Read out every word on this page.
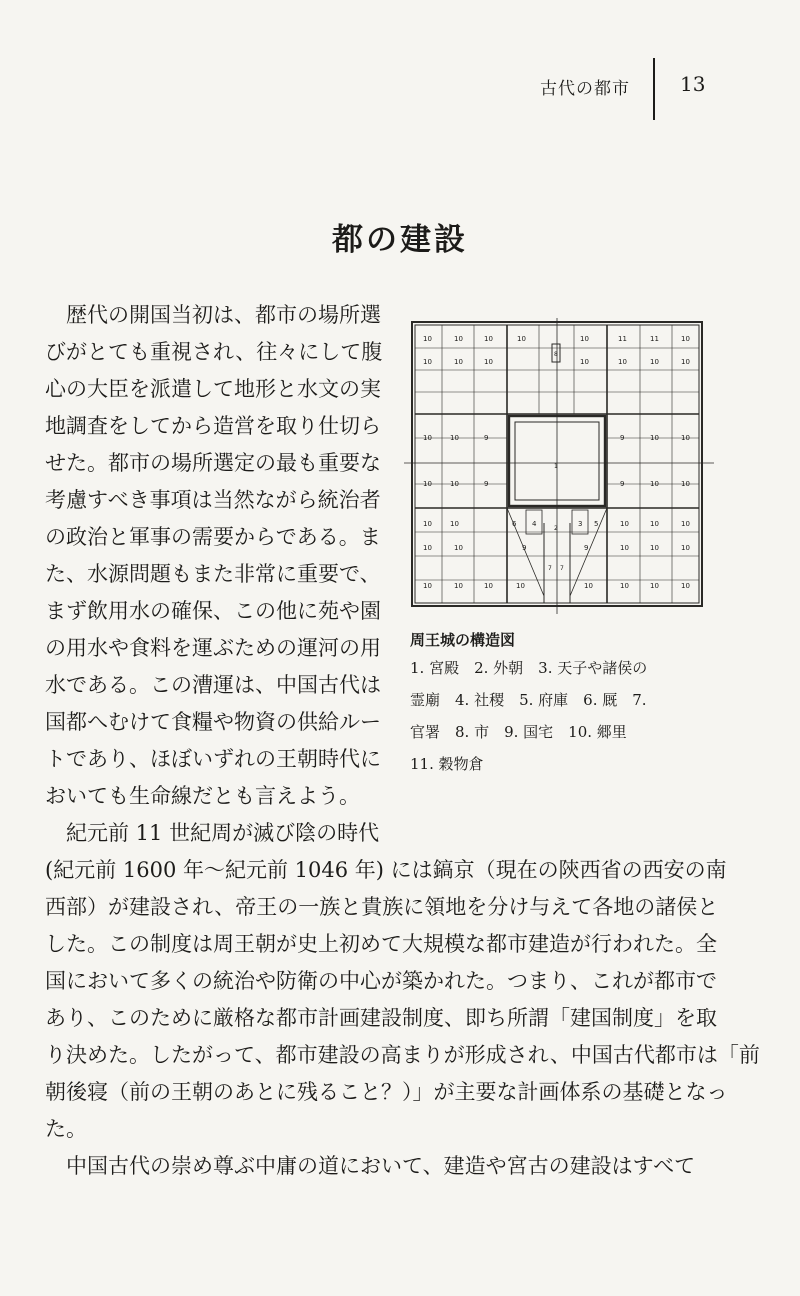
古代の都市	13
都の建設
歴代の開国当初は、都市の場所選
びがとても重視され、往々にして腹
心の大臣を派遣して地形と水文の実
地調査をしてから造営を取り仕切ら
せた。都市の場所選定の最も重要な
考慮すべき事項は当然ながら統治者
の政治と軍事の需要からである。ま
た、水源問題もまた非常に重要で、
まず飲用水の確保、この他に苑や園
の用水や食料を運ぶための運河の用
水である。この漕運は、中国古代は
国都へむけて食糧や物資の供給ルー
トであり、ほぼいずれの王朝時代に
おいても生命線だとも言えよう。
紀元前 11 世紀周が滅び陰の時代
(紀元前 1600 年〜紀元前 1046 年) には鎬京（現在の陝西省の西安の南
西部）が建設され、帝王の一族と貴族に領地を分け与えて各地の諸侯と
した。この制度は周王朝が史上初めて大規模な都市建造が行われた。全
国において多くの統治や防衛の中心が築かれた。つまり、これが都市で
あり、このために厳格な都市計画建設制度、即ち所謂「建国制度」を取
り決めた。したがって、都市建設の高まりが形成され、中国古代都市は「前
朝後寝（前の王朝のあとに残ること？）」が主要な計画体系の基礎となっ
た。
中国古代の崇め尊ぶ中庸の道において、建造や宮古の建設はすべて
10	10	10	10	10	11	11	10
10	10	10	10	10	10	10
10	10	9	9	10	10
10	10	9	9	10	10
10	10	6 4	3 5	10	10	10
10	10	9	9	10	10	10
10	10	10	10	10	10	10	10
8
1
2
7 7
周王城の構造図
1. 宮殿　2. 外朝　3. 天子や諸侯の
霊廟　4. 社稷　5. 府庫　6. 厩　7.
官署　8. 市　9. 国宅　10. 郷里
11. 穀物倉
